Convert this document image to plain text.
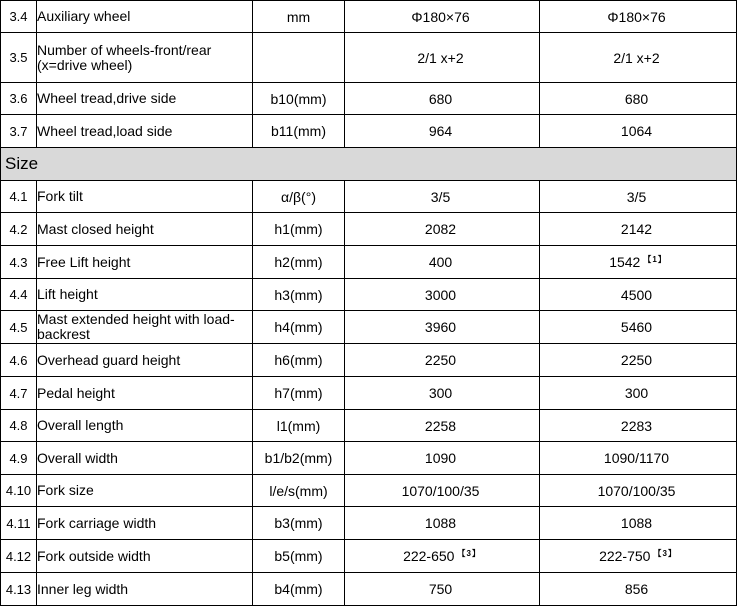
3.4	Auxiliary wheel	mm	Φ180×76	Φ180×76
3.5	Number of wheels-front/rear (x=drive wheel)		2/1 x+2	2/1 x+2
3.6	Wheel tread,drive side	b10(mm)	680	680
3.7	Wheel tread,load side	b11(mm)	964	1064
Size				
4.1	Fork tilt	α/β(°)	3/5	3/5
4.2	Mast closed height	h1(mm)	2082	2142
4.3	Free Lift height	h2(mm)	400	1542 $^{【1】}$
4.4	Lift height	h3(mm)	3000	4500
4.5	Mast extended height with load-backrest	h4(mm)	3960	5460
4.6	Overhead guard height	h6(mm)	2250	2250
4.7	Pedal height	h7(mm)	300	300
4.8	Overall length	l1(mm)	2258	2283
4.9	Overall width	b1/b2(mm)	1090	1090/1170
4.10	Fork size	l/e/s(mm)	1070/100/35	1070/100/35
4.11	Fork carriage width	b3(mm)	1088	1088
4.12	Fork outside width	b5(mm)	222-650 $^{【3】}$	222-750 $^{【3】}$
4.13	Inner leg width	b4(mm)	750	856
